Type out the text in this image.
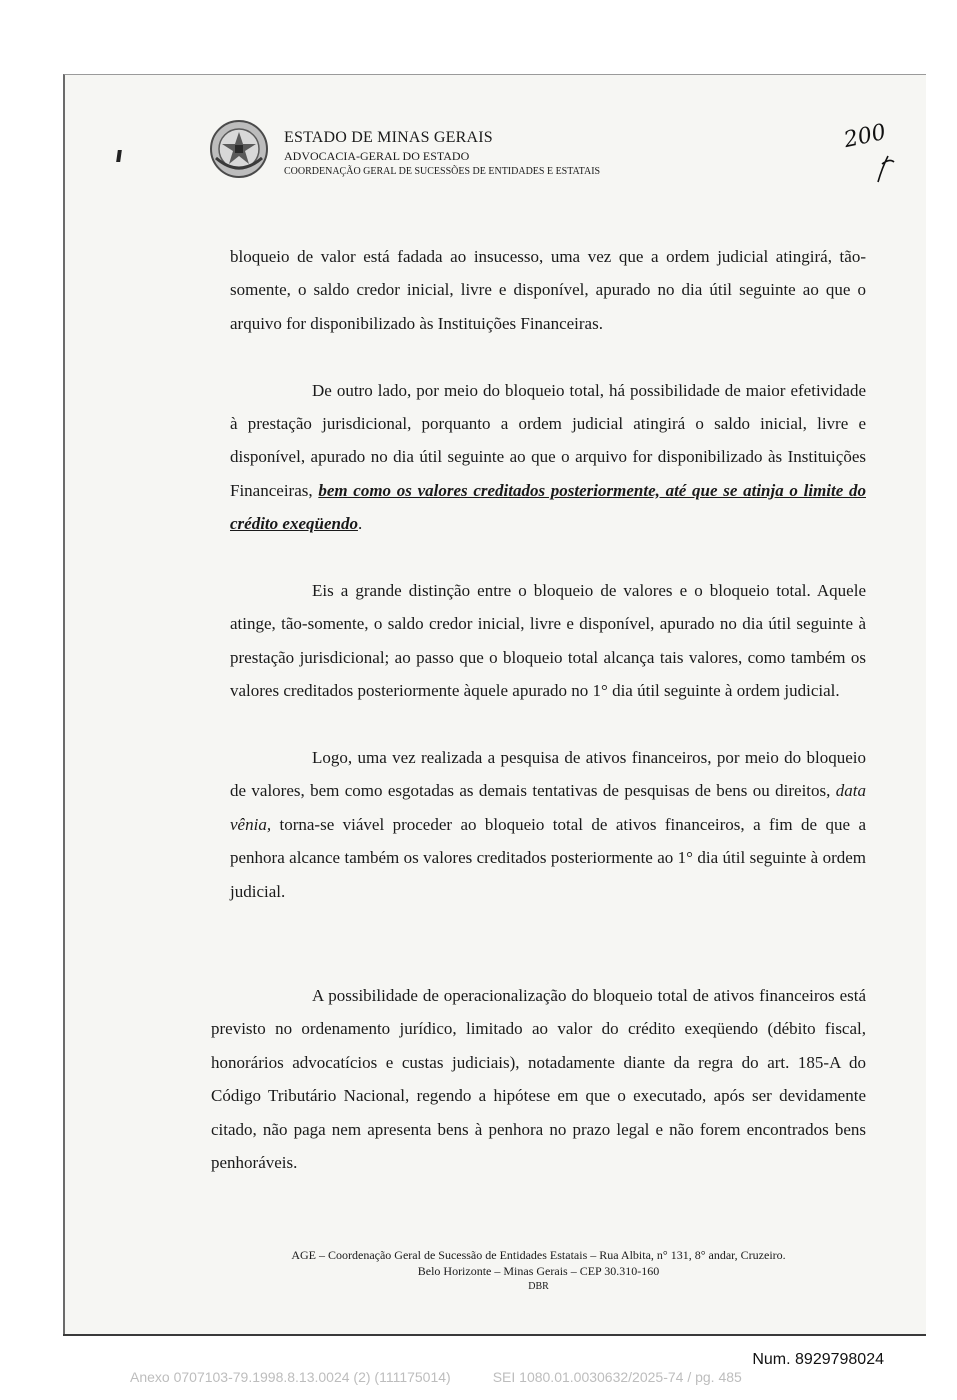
ESTADO DE MINAS GERAIS
ADVOCACIA-GERAL DO ESTADO
COORDENAÇÃO GERAL DE SUCESSÕES DE ENTIDADES E ESTATAIS
200

bloqueio de valor está fadada ao insucesso, uma vez que a ordem judicial atingirá, tão-somente, o saldo credor inicial, livre e disponível, apurado no dia útil seguinte ao que o arquivo for disponibilizado às Instituições Financeiras.

De outro lado, por meio do bloqueio total, há possibilidade de maior efetividade à prestação jurisdicional, porquanto a ordem judicial atingirá o saldo inicial, livre e disponível, apurado no dia útil seguinte ao que o arquivo for disponibilizado às Instituições Financeiras, bem como os valores creditados posteriormente, até que se atinja o limite do crédito exeqüendo.

Eis a grande distinção entre o bloqueio de valores e o bloqueio total. Aquele atinge, tão-somente, o saldo credor inicial, livre e disponível, apurado no dia útil seguinte à prestação jurisdicional; ao passo que o bloqueio total alcança tais valores, como também os valores creditados posteriormente àquele apurado no 1° dia útil seguinte à ordem judicial.

Logo, uma vez realizada a pesquisa de ativos financeiros, por meio do bloqueio de valores, bem como esgotadas as demais tentativas de pesquisas de bens ou direitos, data vênia, torna-se viável proceder ao bloqueio total de ativos financeiros, a fim de que a penhora alcance também os valores creditados posteriormente ao 1° dia útil seguinte à ordem judicial.

A possibilidade de operacionalização do bloqueio total de ativos financeiros está previsto no ordenamento jurídico, limitado ao valor do crédito exeqüendo (débito fiscal, honorários advocatícios e custas judiciais), notadamente diante da regra do art. 185-A do Código Tributário Nacional, regendo a hipótese em que o executado, após ser devidamente citado, não paga nem apresenta bens à penhora no prazo legal e não forem encontrados bens penhoráveis.

AGE – Coordenação Geral de Sucessão de Entidades Estatais – Rua Albita, n° 131, 8° andar, Cruzeiro.
Belo Horizonte – Minas Gerais – CEP 30.310-160
DBR
Num. 8929798024
Anexo 0707103-79.1998.8.13.0024 (2) (111175014)	SEI 1080.01.0030632/2025-74 / pg. 485
